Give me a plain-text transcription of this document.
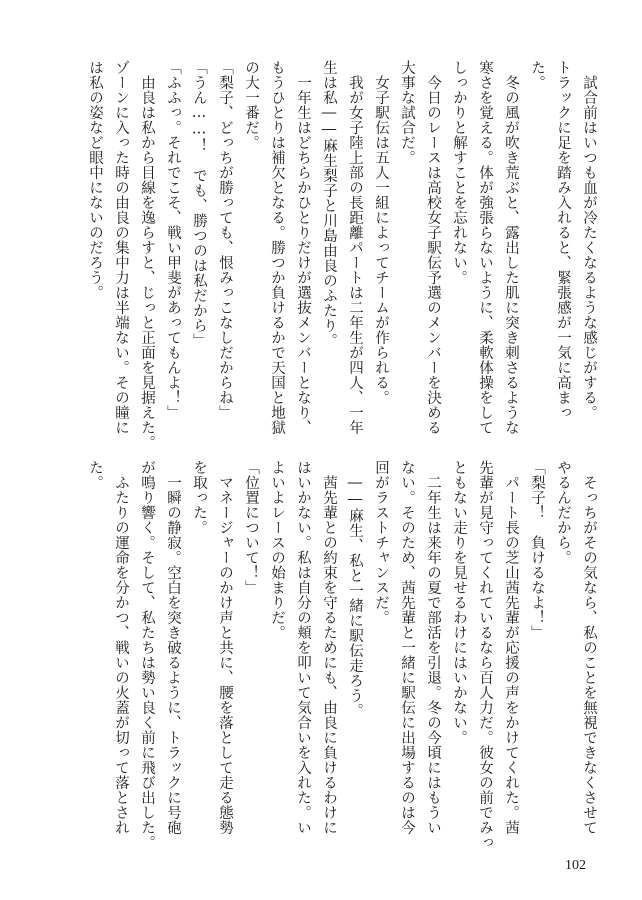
　試合前はいつも血が冷たくなるような感じがする。
トラックに足を踏み入れると、緊張感が一気に高まっ
た。
　冬の風が吹き荒ぶと、露出した肌に突き刺さるような
寒さを覚える。体が強張らないように、柔軟体操をして
しっかりと解すことを忘れない。
　今日のレースは高校女子駅伝予選のメンバーを決める
大事な試合だ。
　女子駅伝は五人一組によってチームが作られる。
　我が女子陸上部の長距離パートは二年生が四人、一年
生は私――麻生梨子と川島由良のふたり。
　一年生はどちらかひとりだけが選抜メンバーとなり、
もうひとりは補欠となる。勝つか負けるかで天国と地獄
の大一番だ。
「梨子、どっちが勝っても、恨みっこなしだからね」
「うん……！　でも、勝つのは私だから」
「ふふっ。それでこそ、戦い甲斐があってもんよ！」
　由良は私から目線を逸らすと、じっと正面を見据えた。
ゾーンに入った時の由良の集中力は半端ない。その瞳に
は私の姿など眼中にないのだろう。
　そっちがその気なら、私のことを無視できなくさせて
やるんだから。
「梨子！　負けるなよ！」
　パート長の芝山茜先輩が応援の声をかけてくれた。茜
先輩が見守ってくれているなら百人力だ。彼女の前でみっ
ともない走りを見せるわけにはいかない。
　二年生は来年の夏で部活を引退。冬の今頃にはもうい
ない。そのため、茜先輩と一緒に駅伝に出場するのは今
回がラストチャンスだ。
　――麻生、私と一緒に駅伝走ろう。
　茜先輩との約束を守るためにも、由良に負けるわけに
はいかない。私は自分の頬を叩いて気合いを入れた。い
よいよレースの始まりだ。
「位置について！」
　マネージャーのかけ声と共に、腰を落として走る態勢
を取った。
　一瞬の静寂。空白を突き破るように、トラックに号砲
が鳴り響く。そして、私たちは勢い良く前に飛び出した。
　ふたりの運命を分かつ、戦いの火蓋が切って落とされ
た。
102
